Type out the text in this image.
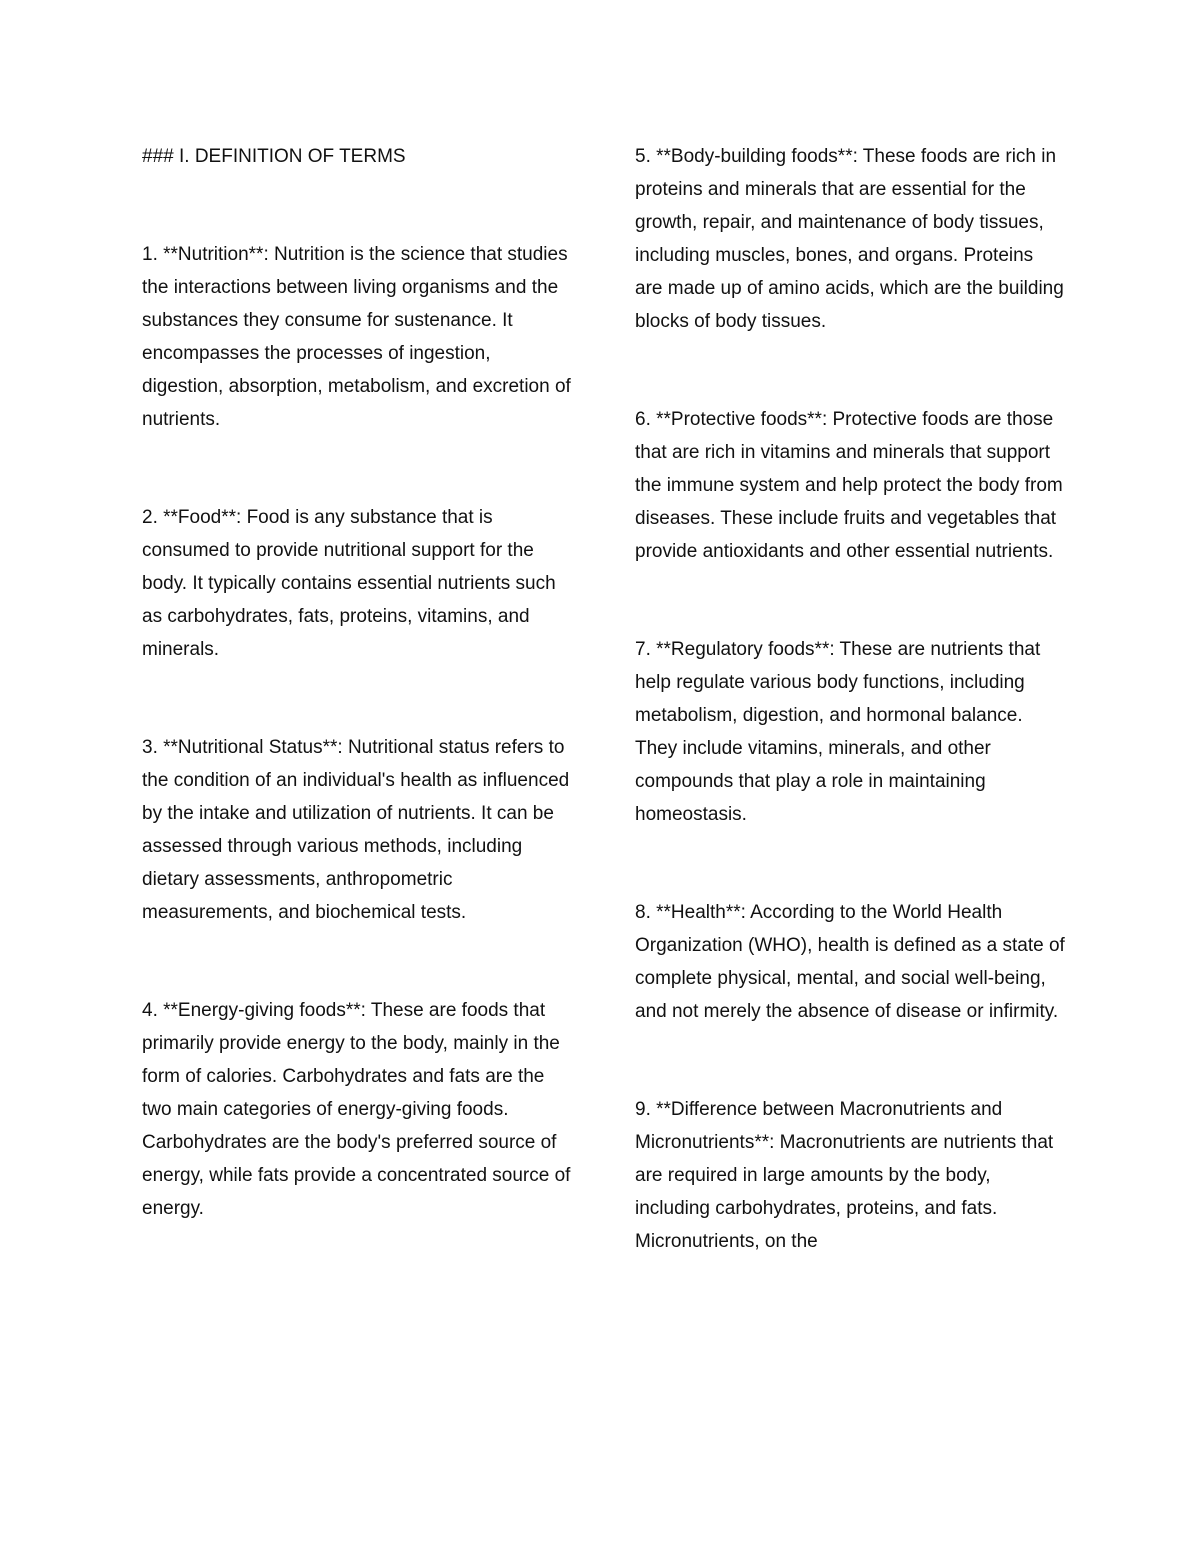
### I. DEFINITION OF TERMS

1. **Nutrition**: Nutrition is the science that studies the interactions between living organisms and the substances they consume for sustenance. It encompasses the processes of ingestion, digestion, absorption, metabolism, and excretion of nutrients.

2. **Food**: Food is any substance that is consumed to provide nutritional support for the body. It typically contains essential nutrients such as carbohydrates, fats, proteins, vitamins, and minerals.

3. **Nutritional Status**: Nutritional status refers to the condition of an individual's health as influenced by the intake and utilization of nutrients. It can be assessed through various methods, including dietary assessments, anthropometric measurements, and biochemical tests.

4. **Energy-giving foods**: These are foods that primarily provide energy to the body, mainly in the form of calories. Carbohydrates and fats are the two main categories of energy-giving foods. Carbohydrates are the body's preferred source of energy, while fats provide a concentrated source of energy.

5. **Body-building foods**: These foods are rich in proteins and minerals that are essential for the growth, repair, and maintenance of body tissues, including muscles, bones, and organs. Proteins are made up of amino acids, which are the building blocks of body tissues.

6. **Protective foods**: Protective foods are those that are rich in vitamins and minerals that support the immune system and help protect the body from diseases. These include fruits and vegetables that provide antioxidants and other essential nutrients.

7. **Regulatory foods**: These are nutrients that help regulate various body functions, including metabolism, digestion, and hormonal balance. They include vitamins, minerals, and other compounds that play a role in maintaining homeostasis.

8. **Health**: According to the World Health Organization (WHO), health is defined as a state of complete physical, mental, and social well-being, and not merely the absence of disease or infirmity.

9. **Difference between Macronutrients and Micronutrients**: Macronutrients are nutrients that are required in large amounts by the body, including carbohydrates, proteins, and fats. Micronutrients, on the
